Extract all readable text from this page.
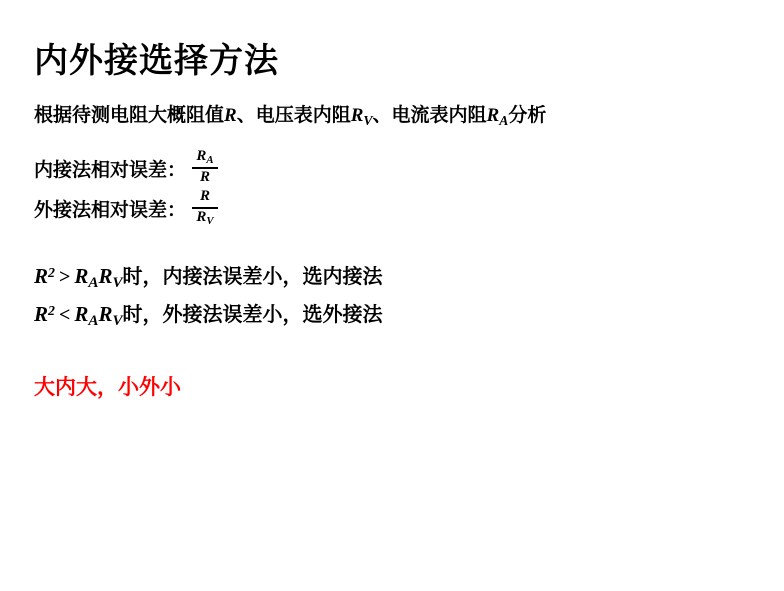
内外接选择方法

根据待测电阻大概阻值R、电压表内阻$R_V$、电流表内阻$R_A$分析

内接法相对误差： $\frac{R_A}{R}$
外接法相对误差： $\frac{R}{R_V}$
$R^2 > R_AR_V$时，内接法误差小，选内接法
$R^2 < R_AR_V$时，外接法误差小，选外接法
大内大，小外小
